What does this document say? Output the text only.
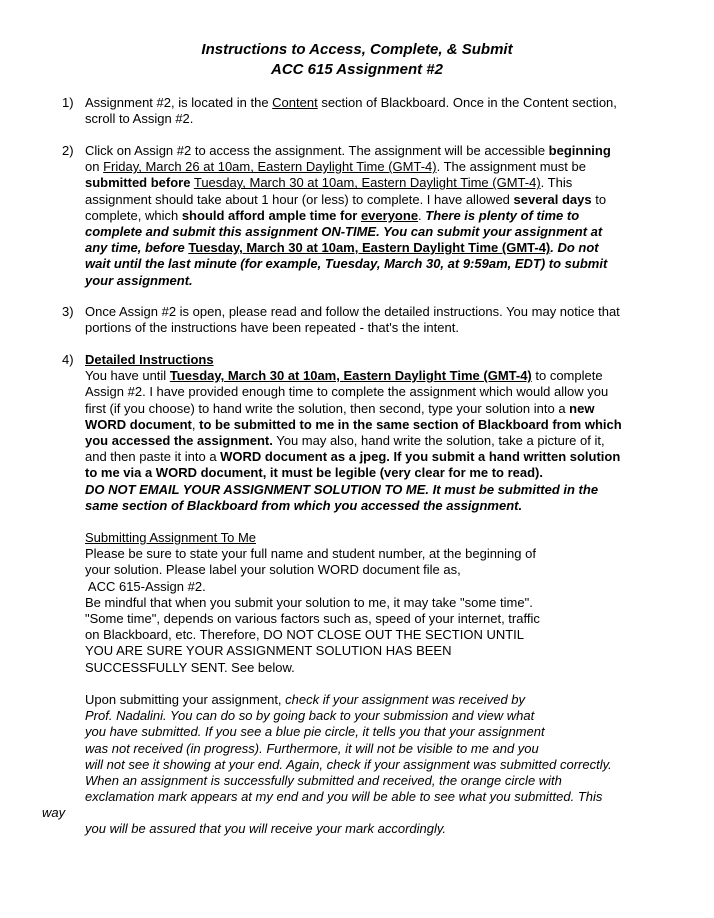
Instructions to Access, Complete, & Submit
ACC 615 Assignment #2
1) Assignment #2, is located in the Content section of Blackboard. Once in the Content section,
scroll to Assign #2.
2) Click on Assign #2 to access the assignment. The assignment will be accessible beginning
on Friday, March 26 at 10am, Eastern Daylight Time (GMT-4). The assignment must be
submitted before Tuesday, March 30 at 10am, Eastern Daylight Time (GMT-4). This
assignment should take about 1 hour (or less) to complete. I have allowed several days to
complete, which should afford ample time for everyone. There is plenty of time to
complete and submit this assignment ON-TIME. You can submit your assignment at
any time, before Tuesday, March 30 at 10am, Eastern Daylight Time (GMT-4). Do not
wait until the last minute (for example, Tuesday, March 30, at 9:59am, EDT) to submit
your assignment.
3) Once Assign #2 is open, please read and follow the detailed instructions. You may notice that
portions of the instructions have been repeated - that's the intent.
4) Detailed Instructions
You have until Tuesday, March 30 at 10am, Eastern Daylight Time (GMT-4) to complete
Assign #2. I have provided enough time to complete the assignment which would allow you
first (if you choose) to hand write the solution, then second, type your solution into a new
WORD document, to be submitted to me in the same section of Blackboard from which
you accessed the assignment. You may also, hand write the solution, take a picture of it,
and then paste it into a WORD document as a jpeg. If you submit a hand written solution
to me via a WORD document, it must be legible (very clear for me to read).
DO NOT EMAIL YOUR ASSIGNMENT SOLUTION TO ME. It must be submitted in the
same section of Blackboard from which you accessed the assignment.
Submitting Assignment To Me
Please be sure to state your full name and student number, at the beginning of
your solution. Please label your solution WORD document file as,
ACC 615-Assign #2.
Be mindful that when you submit your solution to me, it may take "some time".
"Some time", depends on various factors such as, speed of your internet, traffic
on Blackboard, etc. Therefore, DO NOT CLOSE OUT THE SECTION UNTIL
YOU ARE SURE YOUR ASSIGNMENT SOLUTION HAS BEEN
SUCCESSFULLY SENT. See below.
Upon submitting your assignment, check if your assignment was received by
Prof. Nadalini. You can do so by going back to your submission and view what
you have submitted. If you see a blue pie circle, it tells you that your assignment
was not received (in progress). Furthermore, it will not be visible to me and you
will not see it showing at your end. Again, check if your assignment was submitted correctly.
When an assignment is successfully submitted and received, the orange circle with
exclamation mark appears at my end and you will be able to see what you submitted. This
way
you will be assured that you will receive your mark accordingly.
